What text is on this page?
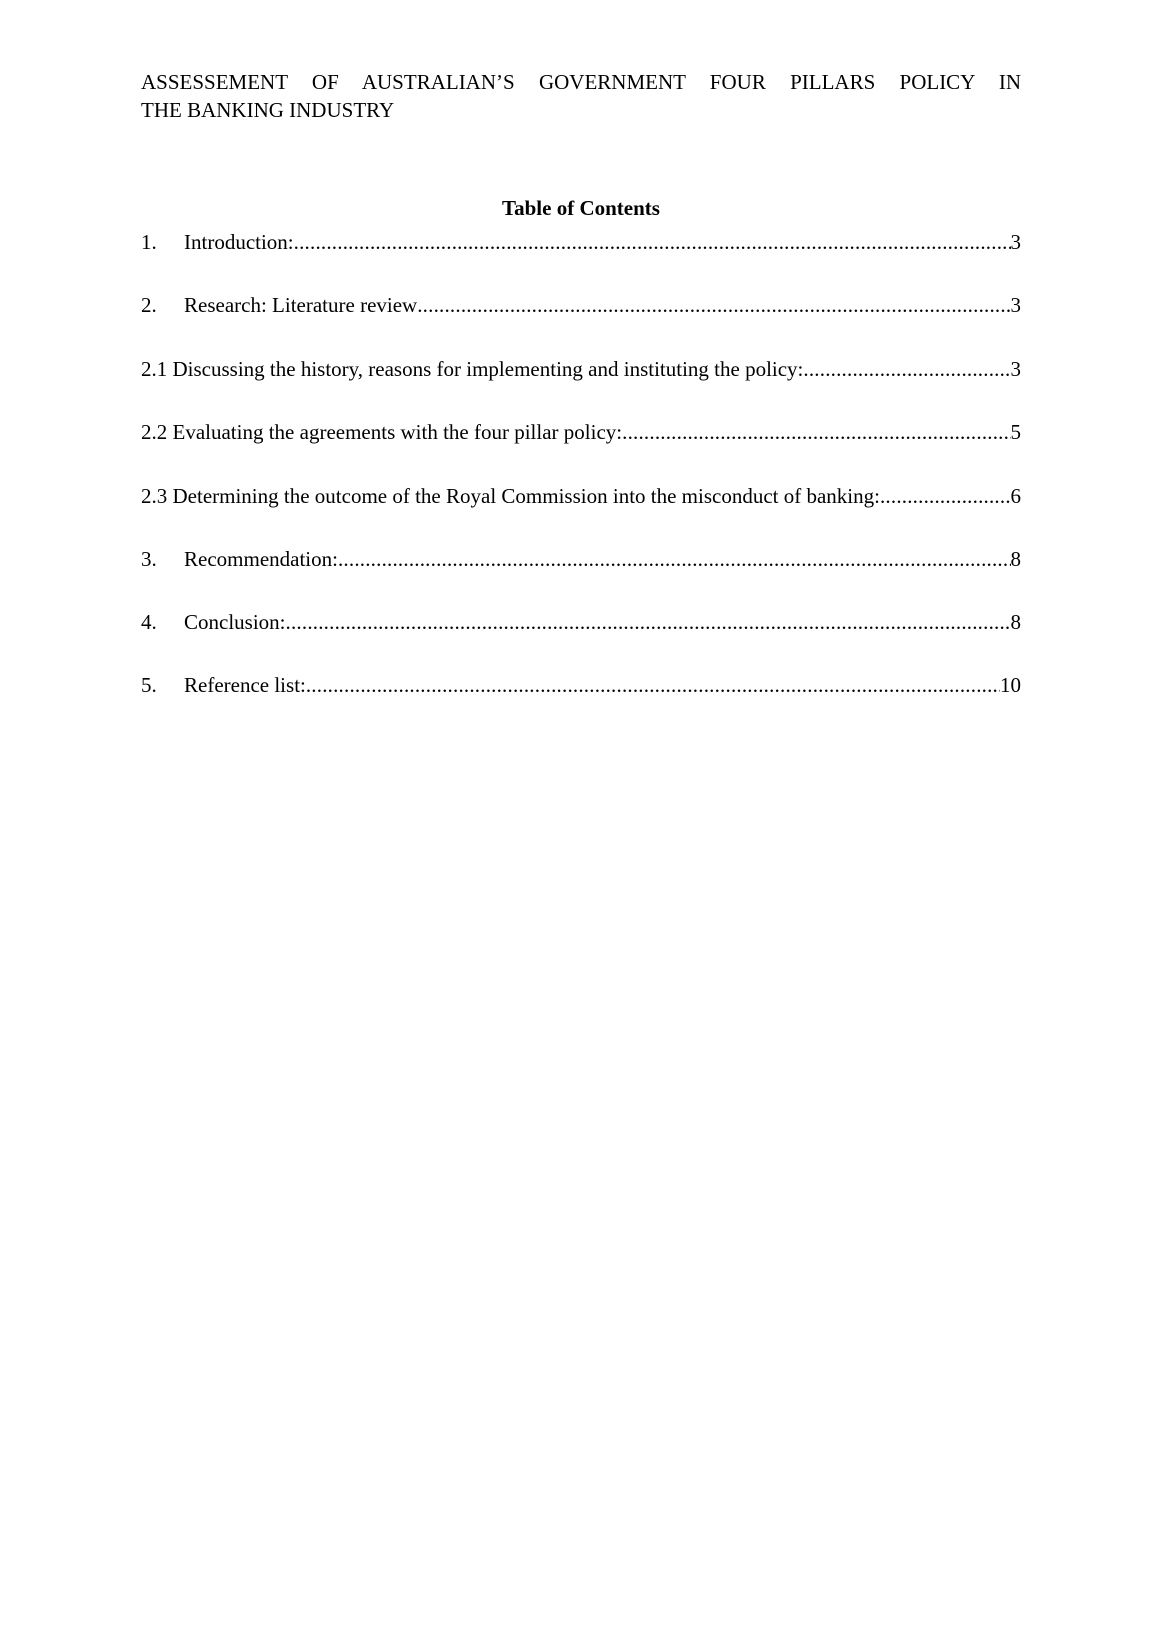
ASSESSEMENT OF AUSTRALIAN’S GOVERNMENT FOUR PILLARS POLICY IN
THE BANKING INDUSTRY
Table of Contents
1.	Introduction: .....	3
2.	Research: Literature review .....	3
2.1 Discussing the history, reasons for implementing and instituting the policy: .....	3
2.2 Evaluating the agreements with the four pillar policy: .....	5
2.3 Determining the outcome of the Royal Commission into the misconduct of banking: .....	6
3.	Recommendation: .....	8
4.	Conclusion: .....	8
5.	Reference list: .....	10
